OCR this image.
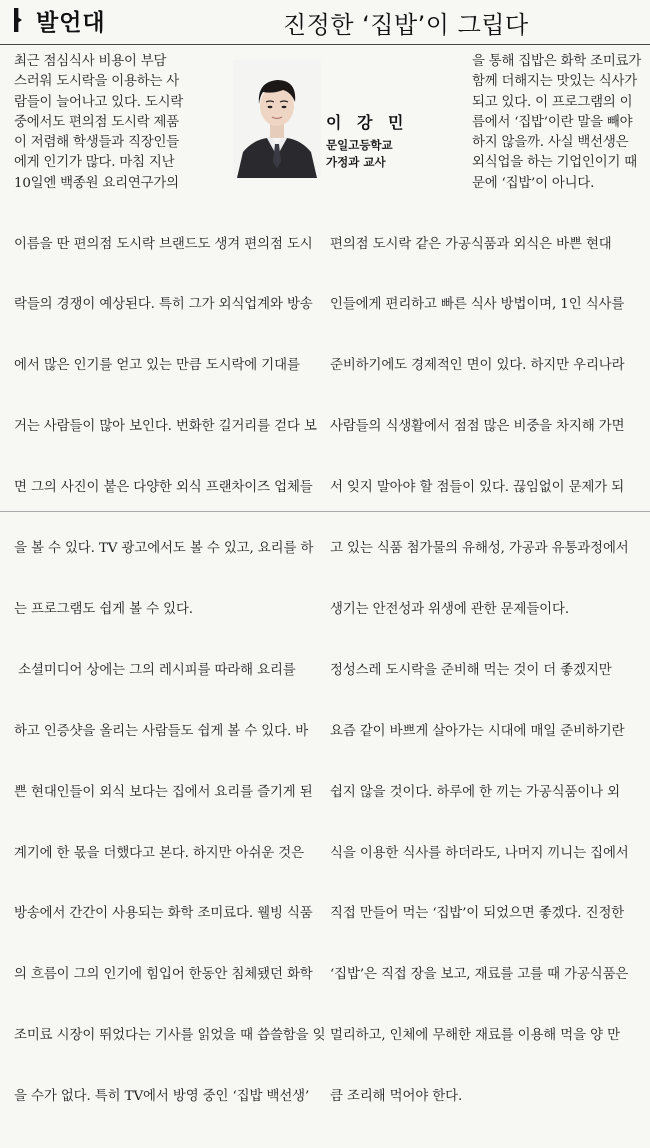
발언대	진정한 ‘집밥’이 그립다
최근 점심식사 비용이 부담
스러워 도시락을 이용하는 사
람들이 늘어나고 있다. 도시락
중에서도 편의점 도시락 제품
이 저렴해 학생들과 직장인들
에게 인기가 많다. 마침 지난
10일엔 백종원 요리연구가의
이 강 민
문일고등학교
가정과 교사
을 통해 집밥은 화학 조미료가
함께 더해지는 맛있는 식사가
되고 있다. 이 프로그램의 이
름에서 ‘집밥’이란 말을 빼야
하지 않을까. 사실 백선생은
외식업을 하는 기업인이기 때
문에 ‘집밥’이 아니다.

이름을 딴 편의점 도시락 브랜드도 생겨 편의점 도시 편의점 도시락 같은 가공식품과 외식은 바쁜 현대

락들의 경쟁이 예상된다. 특히 그가 외식업계와 방송 인들에게 편리하고 빠른 식사 방법이며, 1인 식사를

에서 많은 인기를 얻고 있는 만큼 도시락에 기대를	준비하기에도 경제적인 면이 있다. 하지만 우리나라

거는 사람들이 많아 보인다. 번화한 길거리를 걷다 보 사람들의 식생활에서 점점 많은 비중을 차지해 가면

면 그의 사진이 붙은 다양한 외식 프랜차이즈 업체들 서 잊지 말아야 할 점들이 있다. 끊임없이 문제가 되

을 볼 수 있다. TV 광고에서도 볼 수 있고, 요리를 하 고 있는 식품 첨가물의 유해성, 가공과 유통과정에서

는 프로그램도 쉽게 볼 수 있다.	생기는 안전성과 위생에 관한 문제들이다.

소셜미디어 상에는 그의 레시피를 따라해 요리를	정성스레 도시락을 준비해 먹는 것이 더 좋겠지만

하고 인증샷을 올리는 사람들도 쉽게 볼 수 있다. 바	요즘 같이 바쁘게 살아가는 시대에 매일 준비하기란

쁜 현대인들이 외식 보다는 집에서 요리를 즐기게 된 쉽지 않을 것이다. 하루에 한 끼는 가공식품이나 외

계기에 한 몫을 더했다고 본다. 하지만 아쉬운 것은	식을 이용한 식사를 하더라도, 나머지 끼니는 집에서

방송에서 간간이 사용되는 화학 조미료다. 웰빙 식품 직접 만들어 먹는 ‘집밥’이 되었으면 좋겠다. 진정한

의 흐름이 그의 인기에 힘입어 한동안 침체됐던 화학 ‘집밥’은 직접 장을 보고, 재료를 고를 때 가공식품은

조미료 시장이 뛰었다는 기사를 읽었을 때 씁쓸함을 잊 멀리하고, 인체에 무해한 재료를 이용해 먹을 양 만

을 수가 없다. 특히 TV에서 방영 중인 ‘집밥 백선생’	큼 조리해 먹어야 한다.
